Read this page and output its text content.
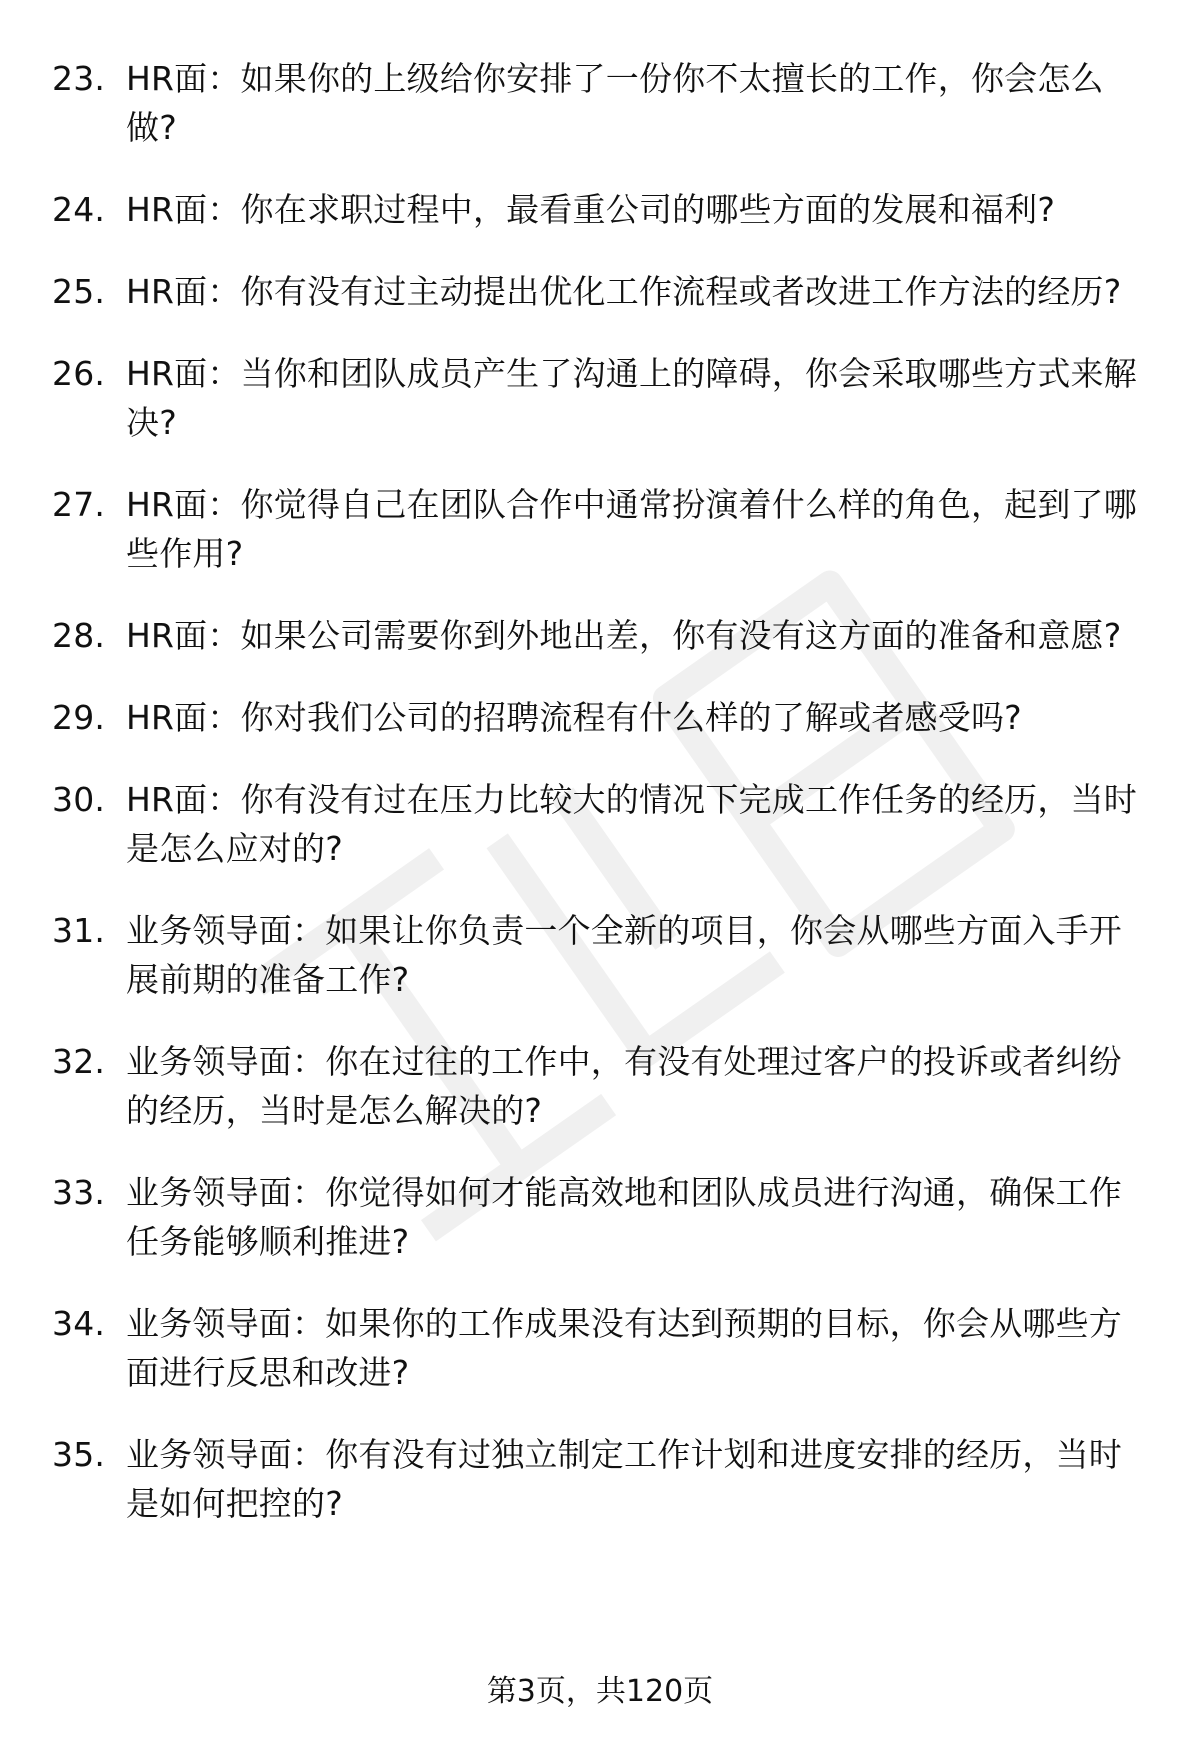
23. HR面：如果你的上级给你安排了一份你不太擅长的工作，你会怎么做?
24. HR面：你在求职过程中，最看重公司的哪些方面的发展和福利?
25. HR面：你有没有过主动提出优化工作流程或者改进工作方法的经历?
26. HR面：当你和团队成员产生了沟通上的障碍，你会采取哪些方式来解决?
27. HR面：你觉得自己在团队合作中通常扮演着什么样的角色，起到了哪些作用?
28. HR面：如果公司需要你到外地出差，你有没有这方面的准备和意愿?
29. HR面：你对我们公司的招聘流程有什么样的了解或者感受吗?
30. HR面：你有没有过在压力比较大的情况下完成工作任务的经历，当时是怎么应对的?
31. 业务领导面：如果让你负责一个全新的项目，你会从哪些方面入手开展前期的准备工作?
32. 业务领导面：你在过往的工作中，有没有处理过客户的投诉或者纠纷的经历，当时是怎么解决的?
33. 业务领导面：你觉得如何才能高效地和团队成员进行沟通，确保工作任务能够顺利推进?
34. 业务领导面：如果你的工作成果没有达到预期的目标，你会从哪些方面进行反思和改进?
35. 业务领导面：你有没有过独立制定工作计划和进度安排的经历，当时是如何把控的?
第3页，共120页
